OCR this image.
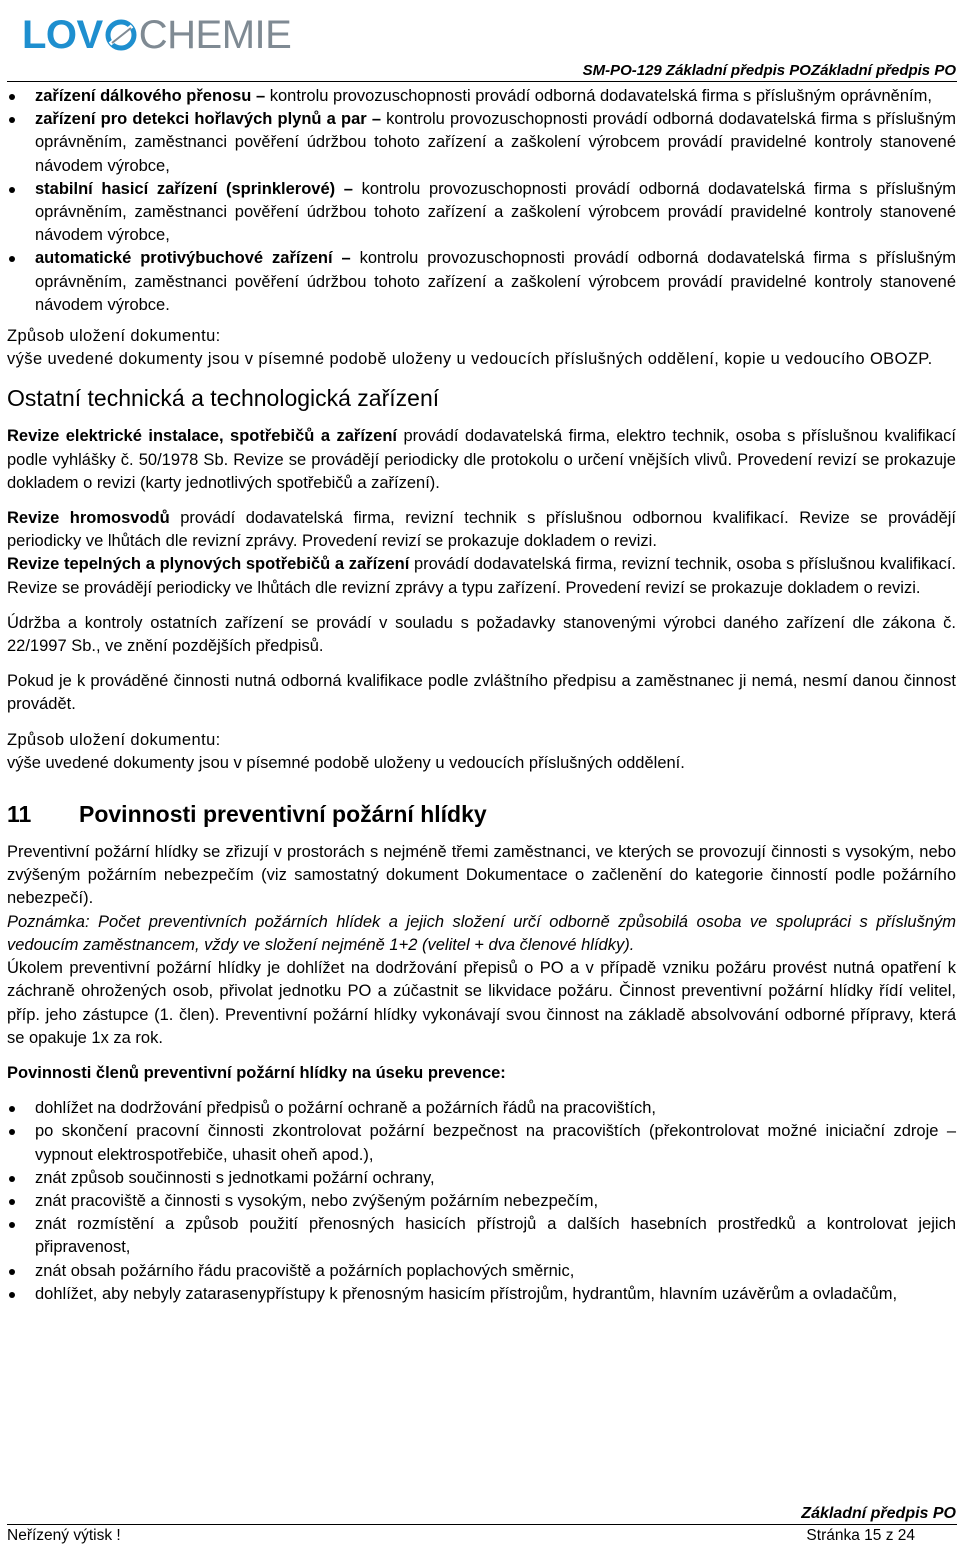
LOV CHEMIE
SM-PO-129 Základní předpis POZákladní předpis PO
zařízení dálkového přenosu – kontrolu provozuschopnosti provádí odborná dodavatelská firma s příslušným oprávněním,
zařízení pro detekci hořlavých plynů a par – kontrolu provozuschopnosti provádí odborná dodavatelská firma s příslušným oprávněním, zaměstnanci pověření údržbou tohoto zařízení a zaškolení výrobcem provádí pravidelné kontroly stanovené návodem výrobce,
stabilní hasicí zařízení (sprinklerové) – kontrolu provozuschopnosti provádí odborná dodavatelská firma s příslušným oprávněním, zaměstnanci pověření údržbou tohoto zařízení a zaškolení výrobcem provádí pravidelné kontroly stanovené návodem výrobce,
automatické protivýbuchové zařízení – kontrolu provozuschopnosti provádí odborná dodavatelská firma s příslušným oprávněním, zaměstnanci pověření údržbou tohoto zařízení a zaškolení výrobcem provádí pravidelné kontroly stanovené návodem výrobce.

Způsob uložení dokumentu:

výše uvedené dokumenty jsou v písemné podobě uloženy u vedoucích příslušných oddělení, kopie u vedoucího OBOZP.

Ostatní technická a technologická zařízení

Revize elektrické instalace, spotřebičů a zařízení provádí dodavatelská firma, elektro technik, osoba s příslušnou kvalifikací podle vyhlášky č. 50/1978 Sb. Revize se provádějí periodicky dle protokolu o určení vnějších vlivů. Provedení revizí se prokazuje dokladem o revizi (karty jednotlivých spotřebičů a zařízení).

Revize hromosvodů provádí dodavatelská firma, revizní technik s příslušnou odbornou kvalifikací. Revize se provádějí periodicky ve lhůtách dle revizní zprávy. Provedení revizí se prokazuje dokladem o revizi.

Revize tepelných a plynových spotřebičů a zařízení provádí dodavatelská firma, revizní technik, osoba s příslušnou kvalifikací. Revize se provádějí periodicky ve lhůtách dle revizní zprávy a typu zařízení. Provedení revizí se prokazuje dokladem o revizi.

Údržba a kontroly ostatních zařízení se provádí v souladu s požadavky stanovenými výrobci daného zařízení dle zákona č. 22/1997 Sb., ve znění pozdějších předpisů.

Pokud je k prováděné činnosti nutná odborná kvalifikace podle zvláštního předpisu a zaměstnanec ji nemá, nesmí danou činnost provádět.

Způsob uložení dokumentu:

výše uvedené dokumenty jsou v písemné podobě uloženy u vedoucích příslušných oddělení.

11 Povinnosti preventivní požární hlídky

Preventivní požární hlídky se zřizují v prostorách s nejméně třemi zaměstnanci, ve kterých se provozují činnosti s vysokým, nebo zvýšeným požárním nebezpečím (viz samostatný dokument Dokumentace o začlenění do kategorie činností podle požárního nebezpečí).

Poznámka: Počet preventivních požárních hlídek a jejich složení určí odborně způsobilá osoba ve spolupráci s příslušným vedoucím zaměstnancem, vždy ve složení nejméně 1+2 (velitel + dva členové hlídky).

Úkolem preventivní požární hlídky je dohlížet na dodržování přepisů o PO a v případě vzniku požáru provést nutná opatření k záchraně ohrožených osob, přivolat jednotku PO a zúčastnit se likvidace požáru. Činnost preventivní požární hlídky řídí velitel, příp. jeho zástupce (1. člen). Preventivní požární hlídky vykonávají svou činnost na základě absolvování odborné přípravy, která se opakuje 1x za rok.

Povinnosti členů preventivní požární hlídky na úseku prevence:

dohlížet na dodržování předpisů o požární ochraně a požárních řádů na pracovištích,
po skončení pracovní činnosti zkontrolovat požární bezpečnost na pracovištích (překontrolovat možné iniciační zdroje – vypnout elektrospotřebiče, uhasit oheň apod.),
znát způsob součinnosti s jednotkami požární ochrany,
znát pracoviště a činnosti s vysokým, nebo zvýšeným požárním nebezpečím,
znát rozmístění a způsob použití přenosných hasicích přístrojů a dalších hasebních prostředků a kontrolovat jejich připravenost,
znát obsah požárního řádu pracoviště a požárních poplachových směrnic,
dohlížet, aby nebyly zatarasenypřístupy k přenosným hasicím přístrojům, hydrantům, hlavním uzávěrům a ovladačům,
Základní předpis PO
Neřízený výtisk !	Stránka 15 z 24
